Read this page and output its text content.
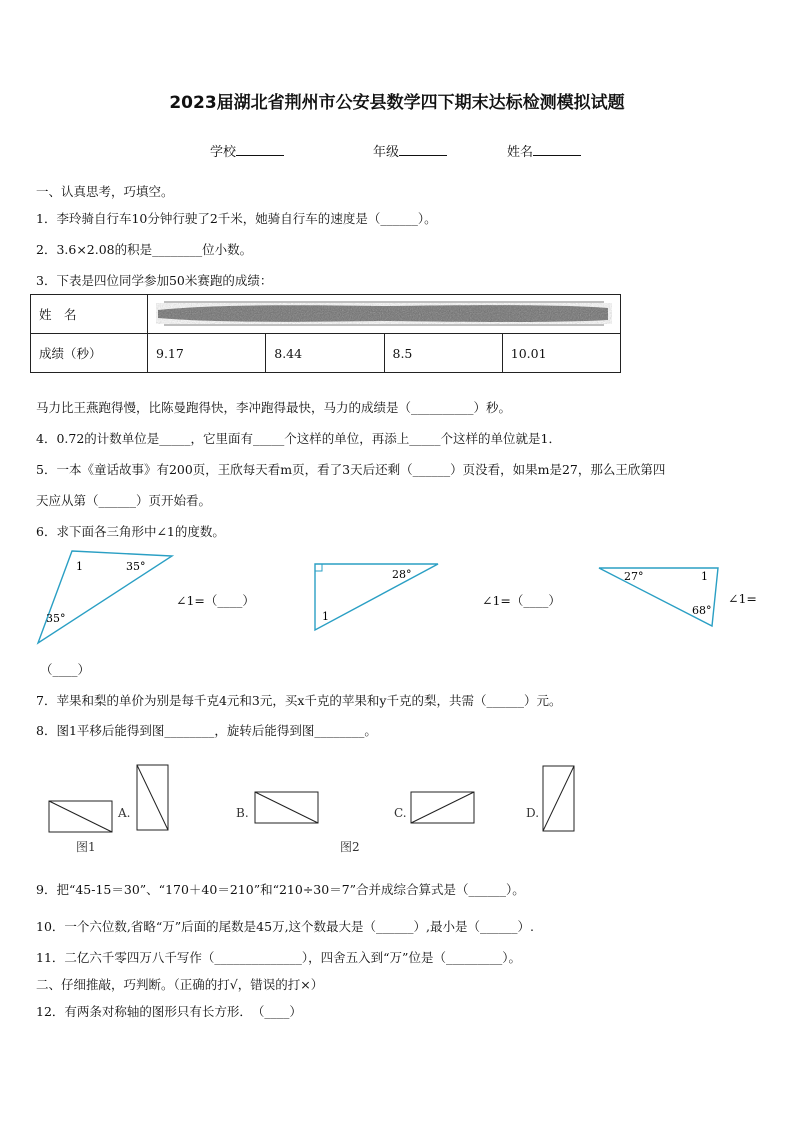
2023届湖北省荆州市公安县数学四下期末达标检测模拟试题
学校	年级	姓名
一、认真思考，巧填空。
1．李玲骑自行车10分钟行驶了2千米，她骑自行车的速度是（______）。
2．3.6×2.08的积是________位小数。
3．下表是四位同学参加50米赛跑的成绩：
姓　名	
成绩（秒）	9.17	8.44	8.5	10.01
马力比王燕跑得慢，比陈曼跑得快，李冲跑得最快，马力的成绩是（__________）秒。
4．0.72的计数单位是_____，它里面有_____个这样的单位，再添上_____个这样的单位就是1．
5．一本《童话故事》有200页，王欣每天看m页，看了3天后还剩（______）页没看，如果m是27，那么王欣第四
天应从第（______）页开始看。
6．求下面各三角形中∠1的度数。
1	35°
35°
∠1=（____）
28°
1
∠1=（____）
27°	1
68°
∠1=
（____）
7．苹果和梨的单价为别是每千克4元和3元，买x千克的苹果和y千克的梨，共需（______）元。
8．图1平移后能得到图________，旋转后能得到图________。
图1
A.	B.
图2
C.	D.
9．把“45-15＝30”、“170＋40＝210”和“210÷30＝7”合并成综合算式是（______）。
10．一个六位数,省略“万”后面的尾数是45万,这个数最大是（______）,最小是（______）.
11．二亿六千零四万八千写作（______________），四舍五入到“万”位是（_________）。
二、仔细推敲，巧判断。（正确的打√，错误的打×）
12．有两条对称轴的图形只有长方形．　（____）
